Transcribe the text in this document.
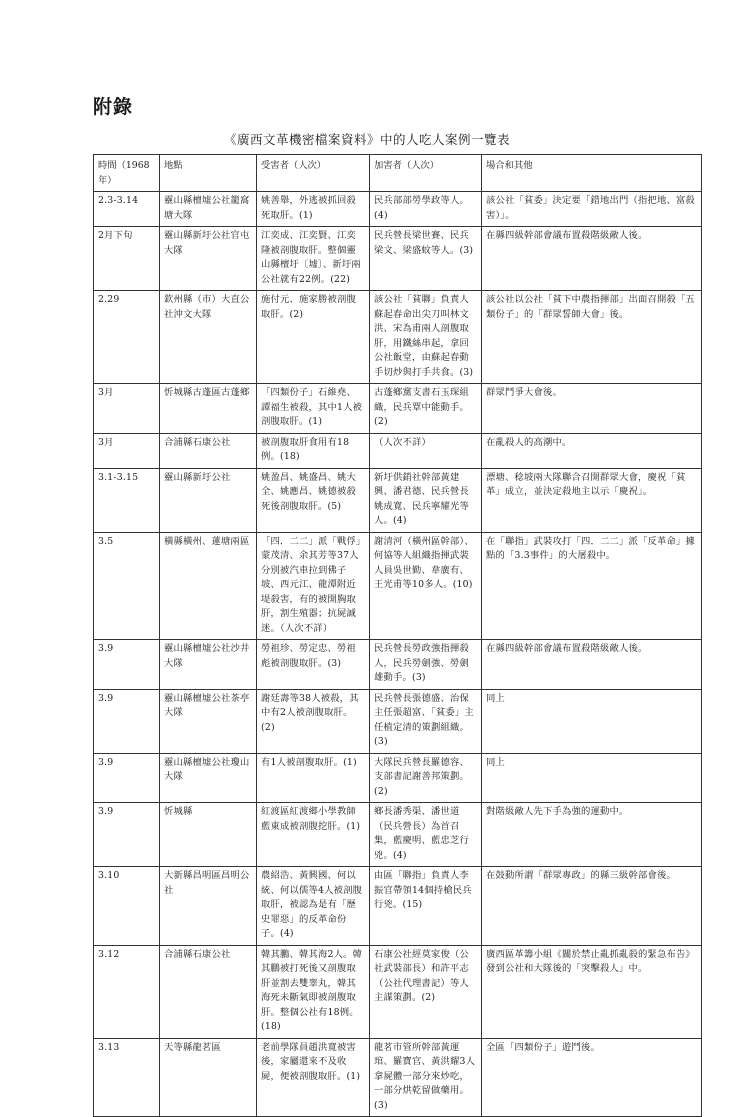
附錄
《廣西文革機密檔案資料》中的人吃人案例一覽表
時間（1968年）	地點	受害者（人次）	加害者（人次）	場合和其他
2.3-3.14	靈山縣檀墟公社籠窩塘大隊	姚善舉，外逃被抓回殺死取肝。(1)	民兵部部勞學政等人。(4)	該公社「貧委」決定要「錯地出門（指把地、富殺害）」。
2月下旬	靈山縣新圩公社官屯大隊	江奕成、江奕賢、江奕隆被剖腹取肝。整個靈山縣檀圩〔墟〕、新圩兩公社就有22例。(22)	民兵營長梁世賽、民兵梁文、梁盛蚊等人。(3)	在縣四級幹部會議布置殺階級敵人後。
2.29	欽州縣（市）大直公社沖文大隊	施付元、施家勝被剖腹取肝。(2)	該公社「貧聯」負責人蘇起春命出尖刀叫林文洪、宋為甫兩人剖腹取肝，用鐵絲串起，拿回公社飯堂，由蘇起春動手切炒與打手共食。(3)	該公社以公社「貧下中農指揮部」出面召開殺「五類份子」的「群眾誓師大會」後。
3月	忻城縣古蓬區古蓬鄉	「四類份子」石維堯、譚福生被殺，其中1人被剖腹取肝。(1)	古蓬鄉黨支書石玉琛組織，民兵覃中能動手。(2)	群眾鬥爭大會後。
3月	合浦縣石康公社	被剖腹取肝食用有18例。(18)	（人次不詳）	在亂殺人的高潮中。
3.1-3.15	靈山縣新圩公社	姚盈昌、姚盛昌、姚大全、姚應昌、姚德被殺死後剖腹取肝。(5)	新圩供銷社幹部黃建興、潘君德、民兵營長姚成寬、民兵寧耀光等人。(4)	漂塘、稔坡兩大隊聯合召開群眾大會，慶祝「貧革」成立，並決定殺地主以示「慶祝」。
3.5	橫縣橫州、蓮塘兩區	「四．二二」派「戰俘」蒙茂清、余其芳等37人分別被汽車拉到佛子坡、西元江、龍潭附近堤殺害，有的被開胸取肝，割生殖器；抗屍誠迷。（人次不詳）	謝清河（橫州區幹部）、何協等人組織指揮武裝人員吳世勤、韋廣有、王光甫等10多人。(10)	在「聯指」武裝攻打「四．二二」派「反革命」據點的「3.3事件」的大屠殺中。
3.9	靈山縣檀墟公社沙井大隊	勞祖珍、勞定忠、勞祖彪被剖腹取肝。(3)	民兵營長勞政強指揮殺人，民兵勞劍強、勞劍雄動手。(3)	在縣四級幹部會議布置殺階級敵人後。
3.9	靈山縣檀墟公社茶亭大隊	謝廷壽等38人被殺，其中有2人被剖腹取肝。(2)	民兵營長張德盛、治保主任張超富、「貧委」主任植定清的策劃組織。(3)	同上
3.9	靈山縣檀墟公社瓊山大隊	有1人被剖腹取肝。(1)	大隊民兵營長羅德容、支部書記謝善邦策劃。(2)	同上
3.9	忻城縣	紅渡區紅渡鄉小學教師藍東成被剖腹挖肝。(1)	鄉長潘秀渠、潘世道（民兵營長）為首召集，藍慶明、藍忠芝行兇。(4)	對階級敵人先下手為強的運動中。
3.10	大新縣昌明區昌明公社	農紹浩、黃興國、何以統、何以儒等4人被剖腹取肝，被認為是有「歷史罪惡」的反革命份子。(4)	由區「聯指」負責人李振官帶領14個持槍民兵行兇。(15)	在鼓動所謂「群眾專政」的縣三級幹部會後。
3.12	合浦縣石康公社	韓其鵬、韓其海2人。韓其鵬被打死後又剖腹取肝並割去雙睾丸，韓其海死未斷氣即被剖腹取肝。整個公社有18例。(18)	石康公社經莫家俊（公社武裝部長）和許平志（公社代理書記）等人主謀策劃。(2)	廣西區革籌小組《關於禁止亂抓亂殺的緊急布告》發到公社和大隊後的「突擊殺人」中。
3.13	天等縣龍茗區	老前學隊員趙洪寬被害後，家屬還來不及收屍，便被剖腹取肝。(1)	龍茗市管所幹部黃運琯、羅寶官、黃洪耀3人拿屍體一部分來炒吃，一部分烘乾留做藥用。(3)	全區「四類份子」遊鬥後。
